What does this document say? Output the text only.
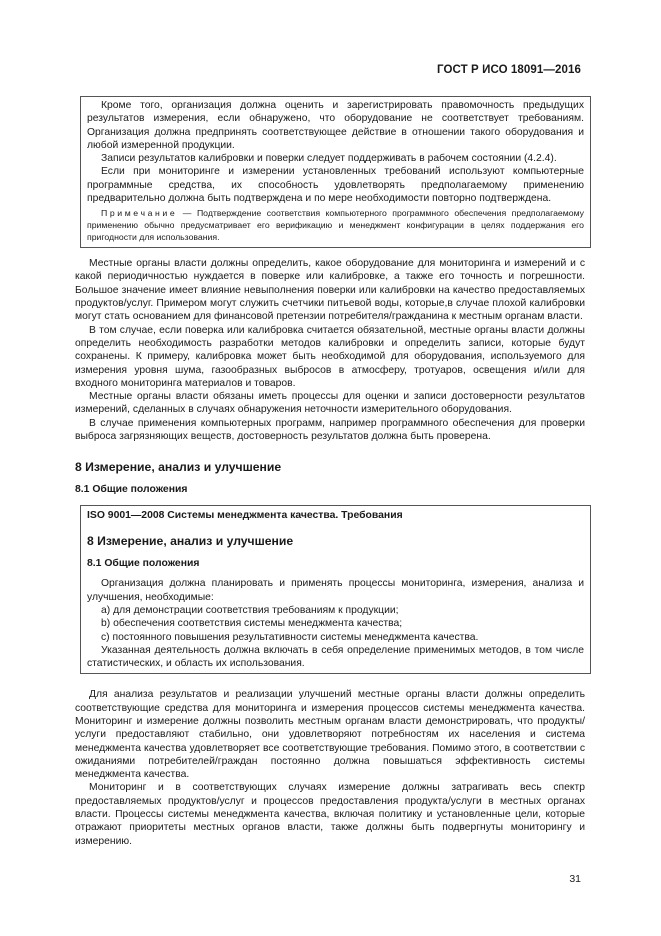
ГОСТ Р ИСО 18091—2016

Кроме того, организация должна оценить и зарегистрировать правомочность предыдущих результатов измерения, если обнаружено, что оборудование не соответствует требованиям. Организация должна предпринять соответствующее действие в отношении такого оборудования и любой измеренной продукции.

Записи результатов калибровки и поверки следует поддерживать в рабочем состоянии (4.2.4).

Если при мониторинге и измерении установленных требований используют компьютерные программные средства, их способность удовлетворять предполагаемому применению предварительно должна быть подтверждена и по мере необходимости повторно подтверждена.

Примечание — Подтверждение соответствия компьютерного программного обеспечения предполагаемому применению обычно предусматривает его верификацию и менеджмент конфигурации в целях поддержания его пригодности для использования.

Местные органы власти должны определить, какое оборудование для мониторинга и измерений и с какой периодичностью нуждается в поверке или калибровке, а также его точность и погрешности. Большое значение имеет влияние невыполнения поверки или калибровки на качество предоставляемых продуктов/услуг. Примером могут служить счетчики питьевой воды, которые,в случае плохой калибровки могут стать основанием для финансовой претензии потребителя/гражданина к местным органам власти.

В том случае, если поверка или калибровка считается обязательной, местные органы власти должны определить необходимость разработки методов калибровки и определить записи, которые будут сохранены. К примеру, калибровка может быть необходимой для оборудования, используемого для измерения уровня шума, газообразных выбросов в атмосферу, тротуаров, освещения и/или для входного мониторинга материалов и товаров.

Местные органы власти обязаны иметь процессы для оценки и записи достоверности результатов измерений, сделанных в случаях обнаружения неточности измерительного оборудования.

В случае применения компьютерных программ, например программного обеспечения для проверки выброса загрязняющих веществ, достоверность результатов должна быть проверена.

8 Измерение, анализ и улучшение
8.1 Общие положения
ISO 9001—2008 Системы менеджмента качества. Требования
8 Измерение, анализ и улучшение
8.1 Общие положения

Организация должна планировать и применять процессы мониторинга, измерения, анализа и улучшения, необходимые:

a) для демонстрации соответствия требованиям к продукции;

b) обеспечения соответствия системы менеджмента качества;

c) постоянного повышения результативности системы менеджмента качества.

Указанная деятельность должна включать в себя определение применимых методов, в том числе статистических, и область их использования.

Для анализа результатов и реализации улучшений местные органы власти должны определить соответствующие средства для мониторинга и измерения процессов системы менеджмента качества. Мониторинг и измерение должны позволить местным органам власти демонстрировать, что продукты/услуги предоставляют стабильно, они удовлетворяют потребностям их населения и система менеджмента качества удовлетворяет все соответствующие требования. Помимо этого, в соответствии с ожиданиями потребителей/граждан постоянно должна повышаться эффективность системы менеджмента качества.

Мониторинг и в соответствующих случаях измерение должны затрагивать весь спектр предоставляемых продуктов/услуг и процессов предоставления продукта/услуги в местных органах власти. Процессы системы менеджмента качества, включая политику и установленные цели, которые отражают приоритеты местных органов власти, также должны быть подвергнуты мониторингу и измерению.

31
